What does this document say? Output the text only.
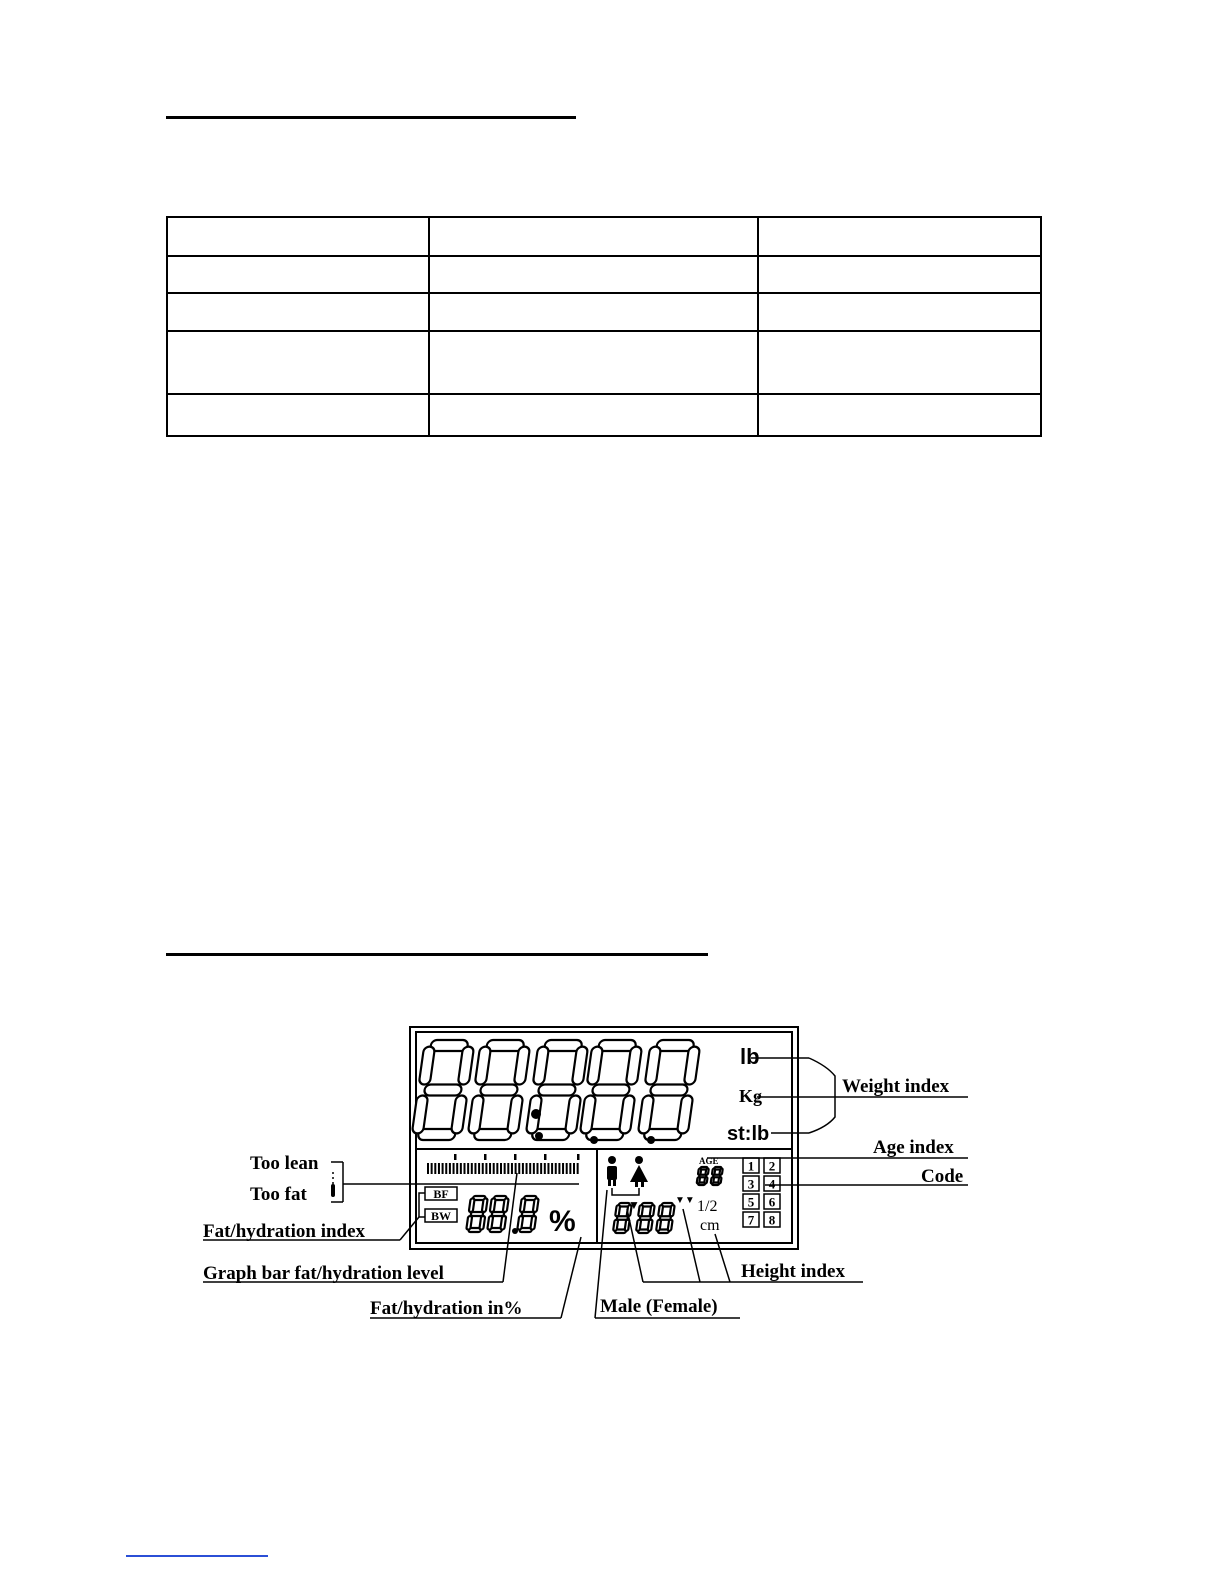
lb
Kg
st:lb
BF
BW	%
AGE
▼	▼▼ 1/2
cm
1 2
3 4
5 6
7 8
Weight index
Age index
Code
Too lean
Too fat
Fat/hydration index
Graph bar fat/hydration level
Fat/hydration in%	Male (Female)
Height index
